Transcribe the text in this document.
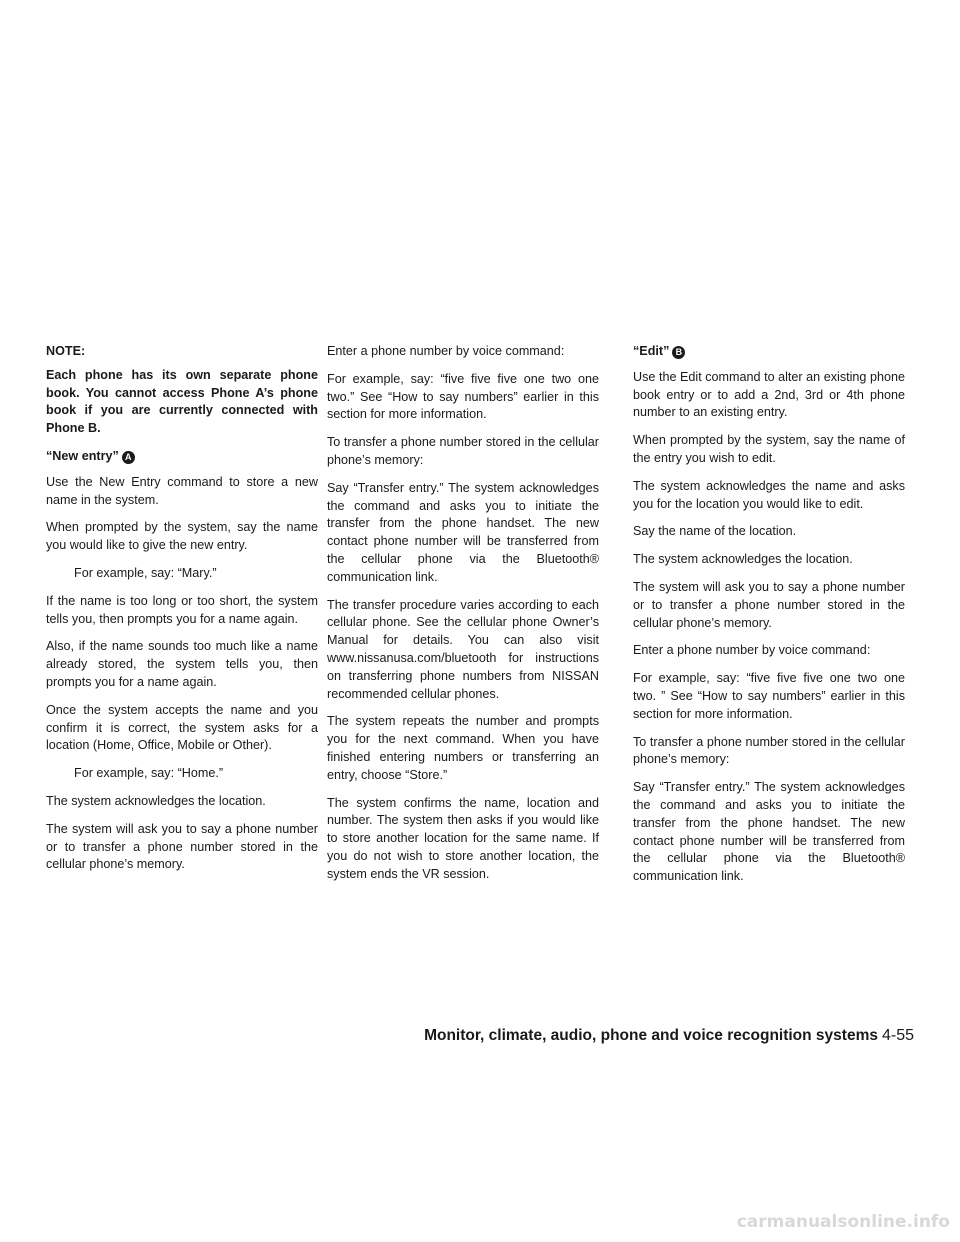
NOTE:

Each phone has its own separate phone book. You cannot access Phone A’s phone book if you are currently connected with Phone B.

“New entry” A

Use the New Entry command to store a new name in the system.

When prompted by the system, say the name you would like to give the new entry.

For example, say: “Mary.”

If the name is too long or too short, the system tells you, then prompts you for a name again.

Also, if the name sounds too much like a name already stored, the system tells you, then prompts you for a name again.

Once the system accepts the name and you confirm it is correct, the system asks for a location (Home, Office, Mobile or Other).

For example, say: “Home.”

The system acknowledges the location.

The system will ask you to say a phone number or to transfer a phone number stored in the cellular phone’s memory.

Enter a phone number by voice command:

For example, say: “five five five one two one two.” See “How to say numbers” earlier in this section for more information.

To transfer a phone number stored in the cellular phone’s memory:

Say “Transfer entry.” The system acknowledges the command and asks you to initiate the transfer from the phone handset. The new contact phone number will be transferred from the cellular phone via the Bluetooth® communication link.

The transfer procedure varies according to each cellular phone. See the cellular phone Owner’s Manual for details. You can also visit www.nissanusa.com/bluetooth for instructions on transferring phone numbers from NISSAN recommended cellular phones.

The system repeats the number and prompts you for the next command. When you have finished entering numbers or transferring an entry, choose “Store.”

The system confirms the name, location and number. The system then asks if you would like to store another location for the same name. If you do not wish to store another location, the system ends the VR session.

“Edit” B

Use the Edit command to alter an existing phone book entry or to add a 2nd, 3rd or 4th phone number to an existing entry.

When prompted by the system, say the name of the entry you wish to edit.

The system acknowledges the name and asks you for the location you would like to edit.

Say the name of the location.

The system acknowledges the location.

The system will ask you to say a phone number or to transfer a phone number stored in the cellular phone’s memory.

Enter a phone number by voice command:

For example, say: “five five five one two one two. ” See “How to say numbers” earlier in this section for more information.

To transfer a phone number stored in the cellular phone’s memory:

Say “Transfer entry.” The system acknowledges the command and asks you to initiate the transfer from the phone handset. The new contact phone number will be transferred from the cellular phone via the Bluetooth® communication link.

Monitor, climate, audio, phone and voice recognition systems 4-55
carmanualsonline.info
